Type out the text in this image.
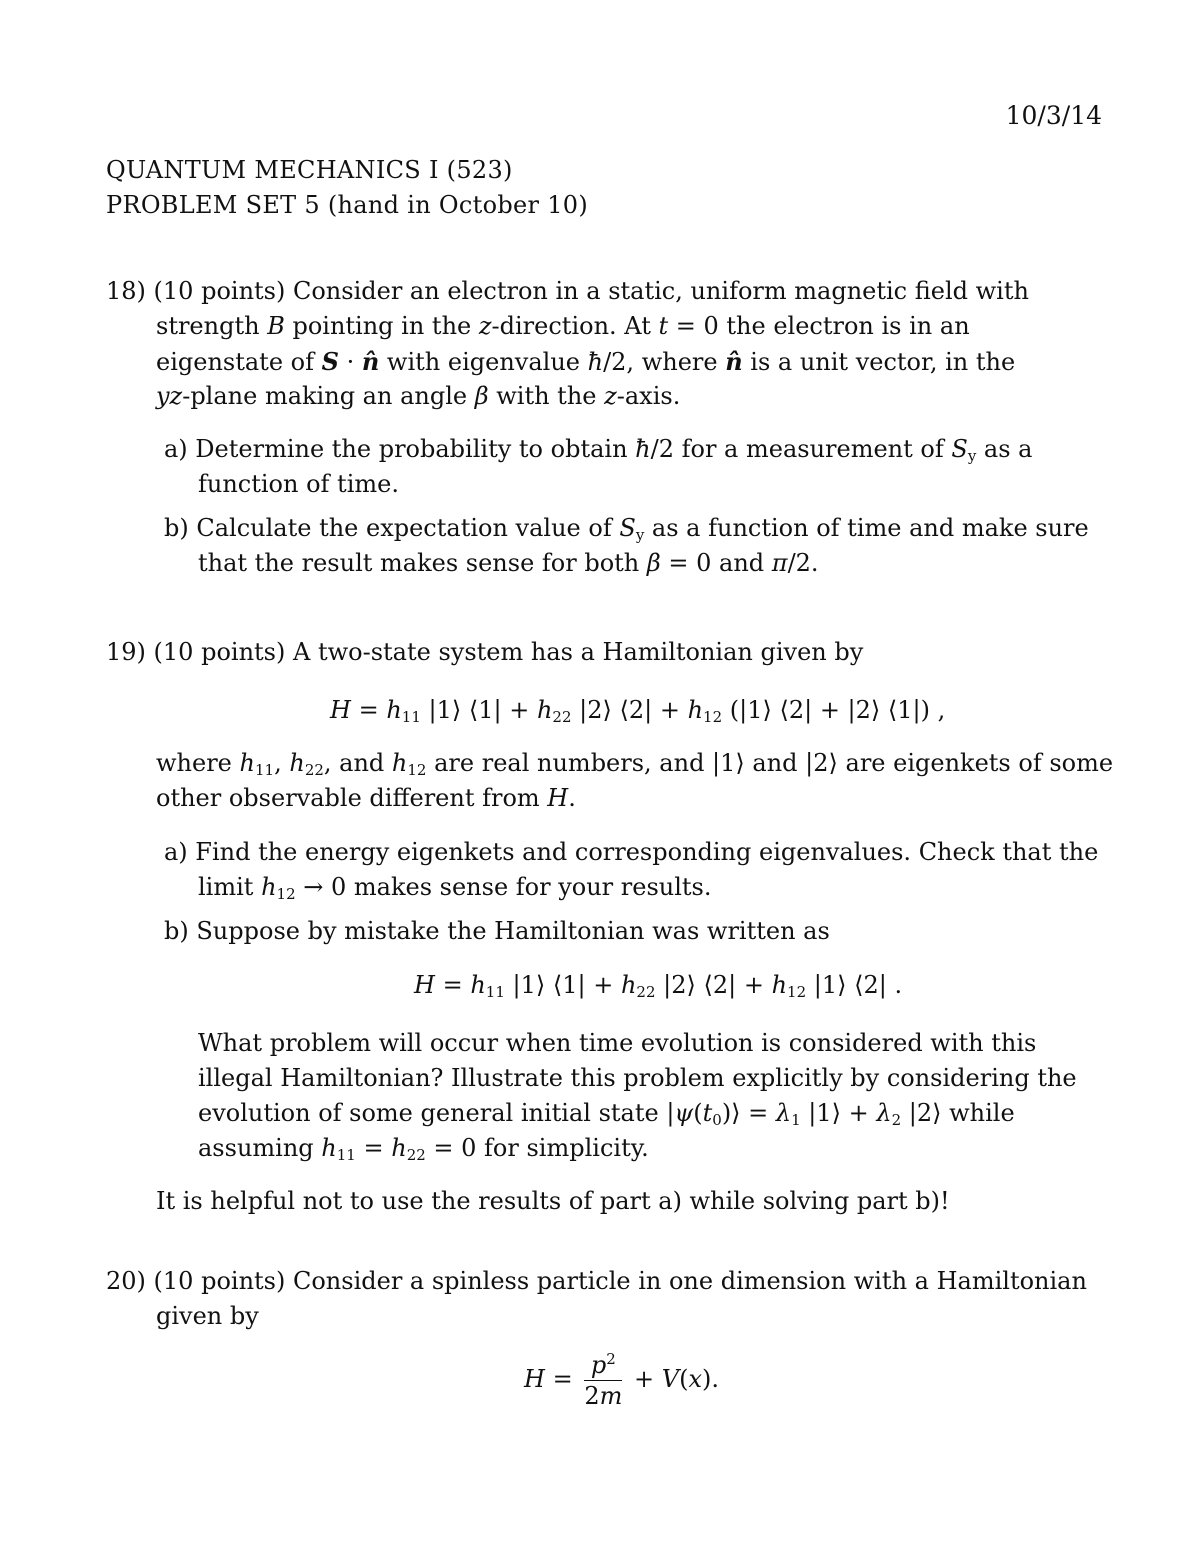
10/3/14
QUANTUM MECHANICS I (523)
PROBLEM SET 5 (hand in October 10)
18) (10 points) Consider an electron in a static, uniform magnetic field with
strength B pointing in the z-direction. At t = 0 the electron is in an
eigenstate of S · n̂ with eigenvalue ħ/2, where n̂ is a unit vector, in the
yz-plane making an angle β with the z-axis.
a) Determine the probability to obtain ħ/2 for a measurement of $S_y$ as a
function of time.
b) Calculate the expectation value of $S_y$ as a function of time and make sure
that the result makes sense for both β = 0 and π/2.
19) (10 points) A two-state system has a Hamiltonian given by
$H = h_{11}$ |1⟩ ⟨1| + $h_{22}$ |2⟩ ⟨2| + $h_{12}$ (|1⟩ ⟨2| + |2⟩ ⟨1|) ,
where $h_{11}$, $h_{22}$, and $h_{12}$ are real numbers, and |1⟩ and |2⟩ are eigenkets of some
other observable different from H.
a) Find the energy eigenkets and corresponding eigenvalues. Check that the
limit $h_{12} \to 0$ makes sense for your results.
b) Suppose by mistake the Hamiltonian was written as
$H = h_{11}$ |1⟩ ⟨1| + $h_{22}$ |2⟩ ⟨2| + $h_{12}$ |1⟩ ⟨2| .
What problem will occur when time evolution is considered with this
illegal Hamiltonian? Illustrate this problem explicitly by considering the
evolution of some general initial state $|\psi(t_0)⟩ = \lambda_1$ |1⟩ + $\lambda_2$ |2⟩ while
assuming $h_{11} = h_{22} = 0$ for simplicity.
It is helpful not to use the results of part a) while solving part b)!
20) (10 points) Consider a spinless particle in one dimension with a Hamiltonian
given by
$H = \frac{p^2}{2m} + V(x)$.
